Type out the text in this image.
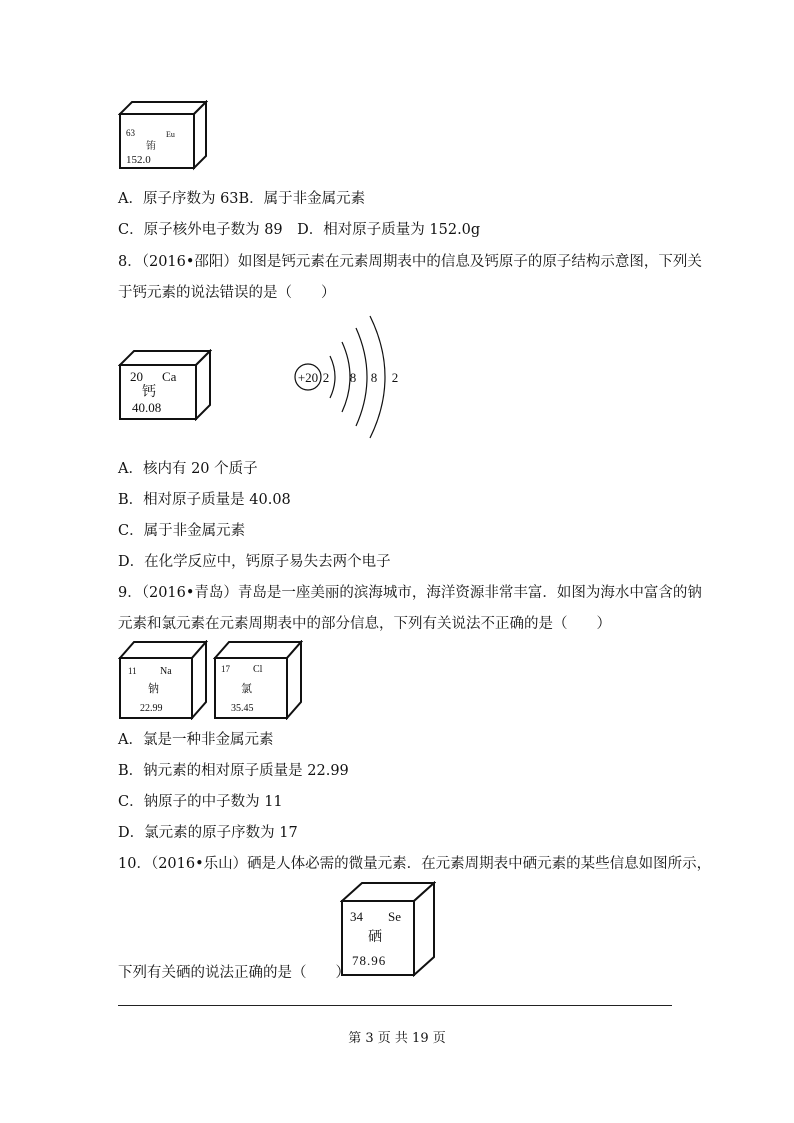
63	Eu
铕
152.0
A．原子序数为 63B．属于非金属元素
C．原子核外电子数为 89　D．相对原子质量为 152.0g
8．（2016•邵阳）如图是钙元素在元素周期表中的信息及钙原子的原子结构示意图，下列关
于钙元素的说法错误的是（　　）
20 Ca
钙
40.08
+20 2 8 8 2
A．核内有 20 个质子
B．相对原子质量是 40.08
C．属于非金属元素
D．在化学反应中，钙原子易失去两个电子
9．（2016•青岛）青岛是一座美丽的滨海城市，海洋资源非常丰富．如图为海水中富含的钠
元素和氯元素在元素周期表中的部分信息，下列有关说法不正确的是（　　）
11 Na
钠
22.99
17 Cl
氯
35.45
A．氯是一种非金属元素
B．钠元素的相对原子质量是 22.99
C．钠原子的中子数为 11
D．氯元素的原子序数为 17
10．（2016•乐山）硒是人体必需的微量元素．在元素周期表中硒元素的某些信息如图所示，
34 Se
硒
78.96
下列有关硒的说法正确的是（　　）
第 3 页 共 19 页
